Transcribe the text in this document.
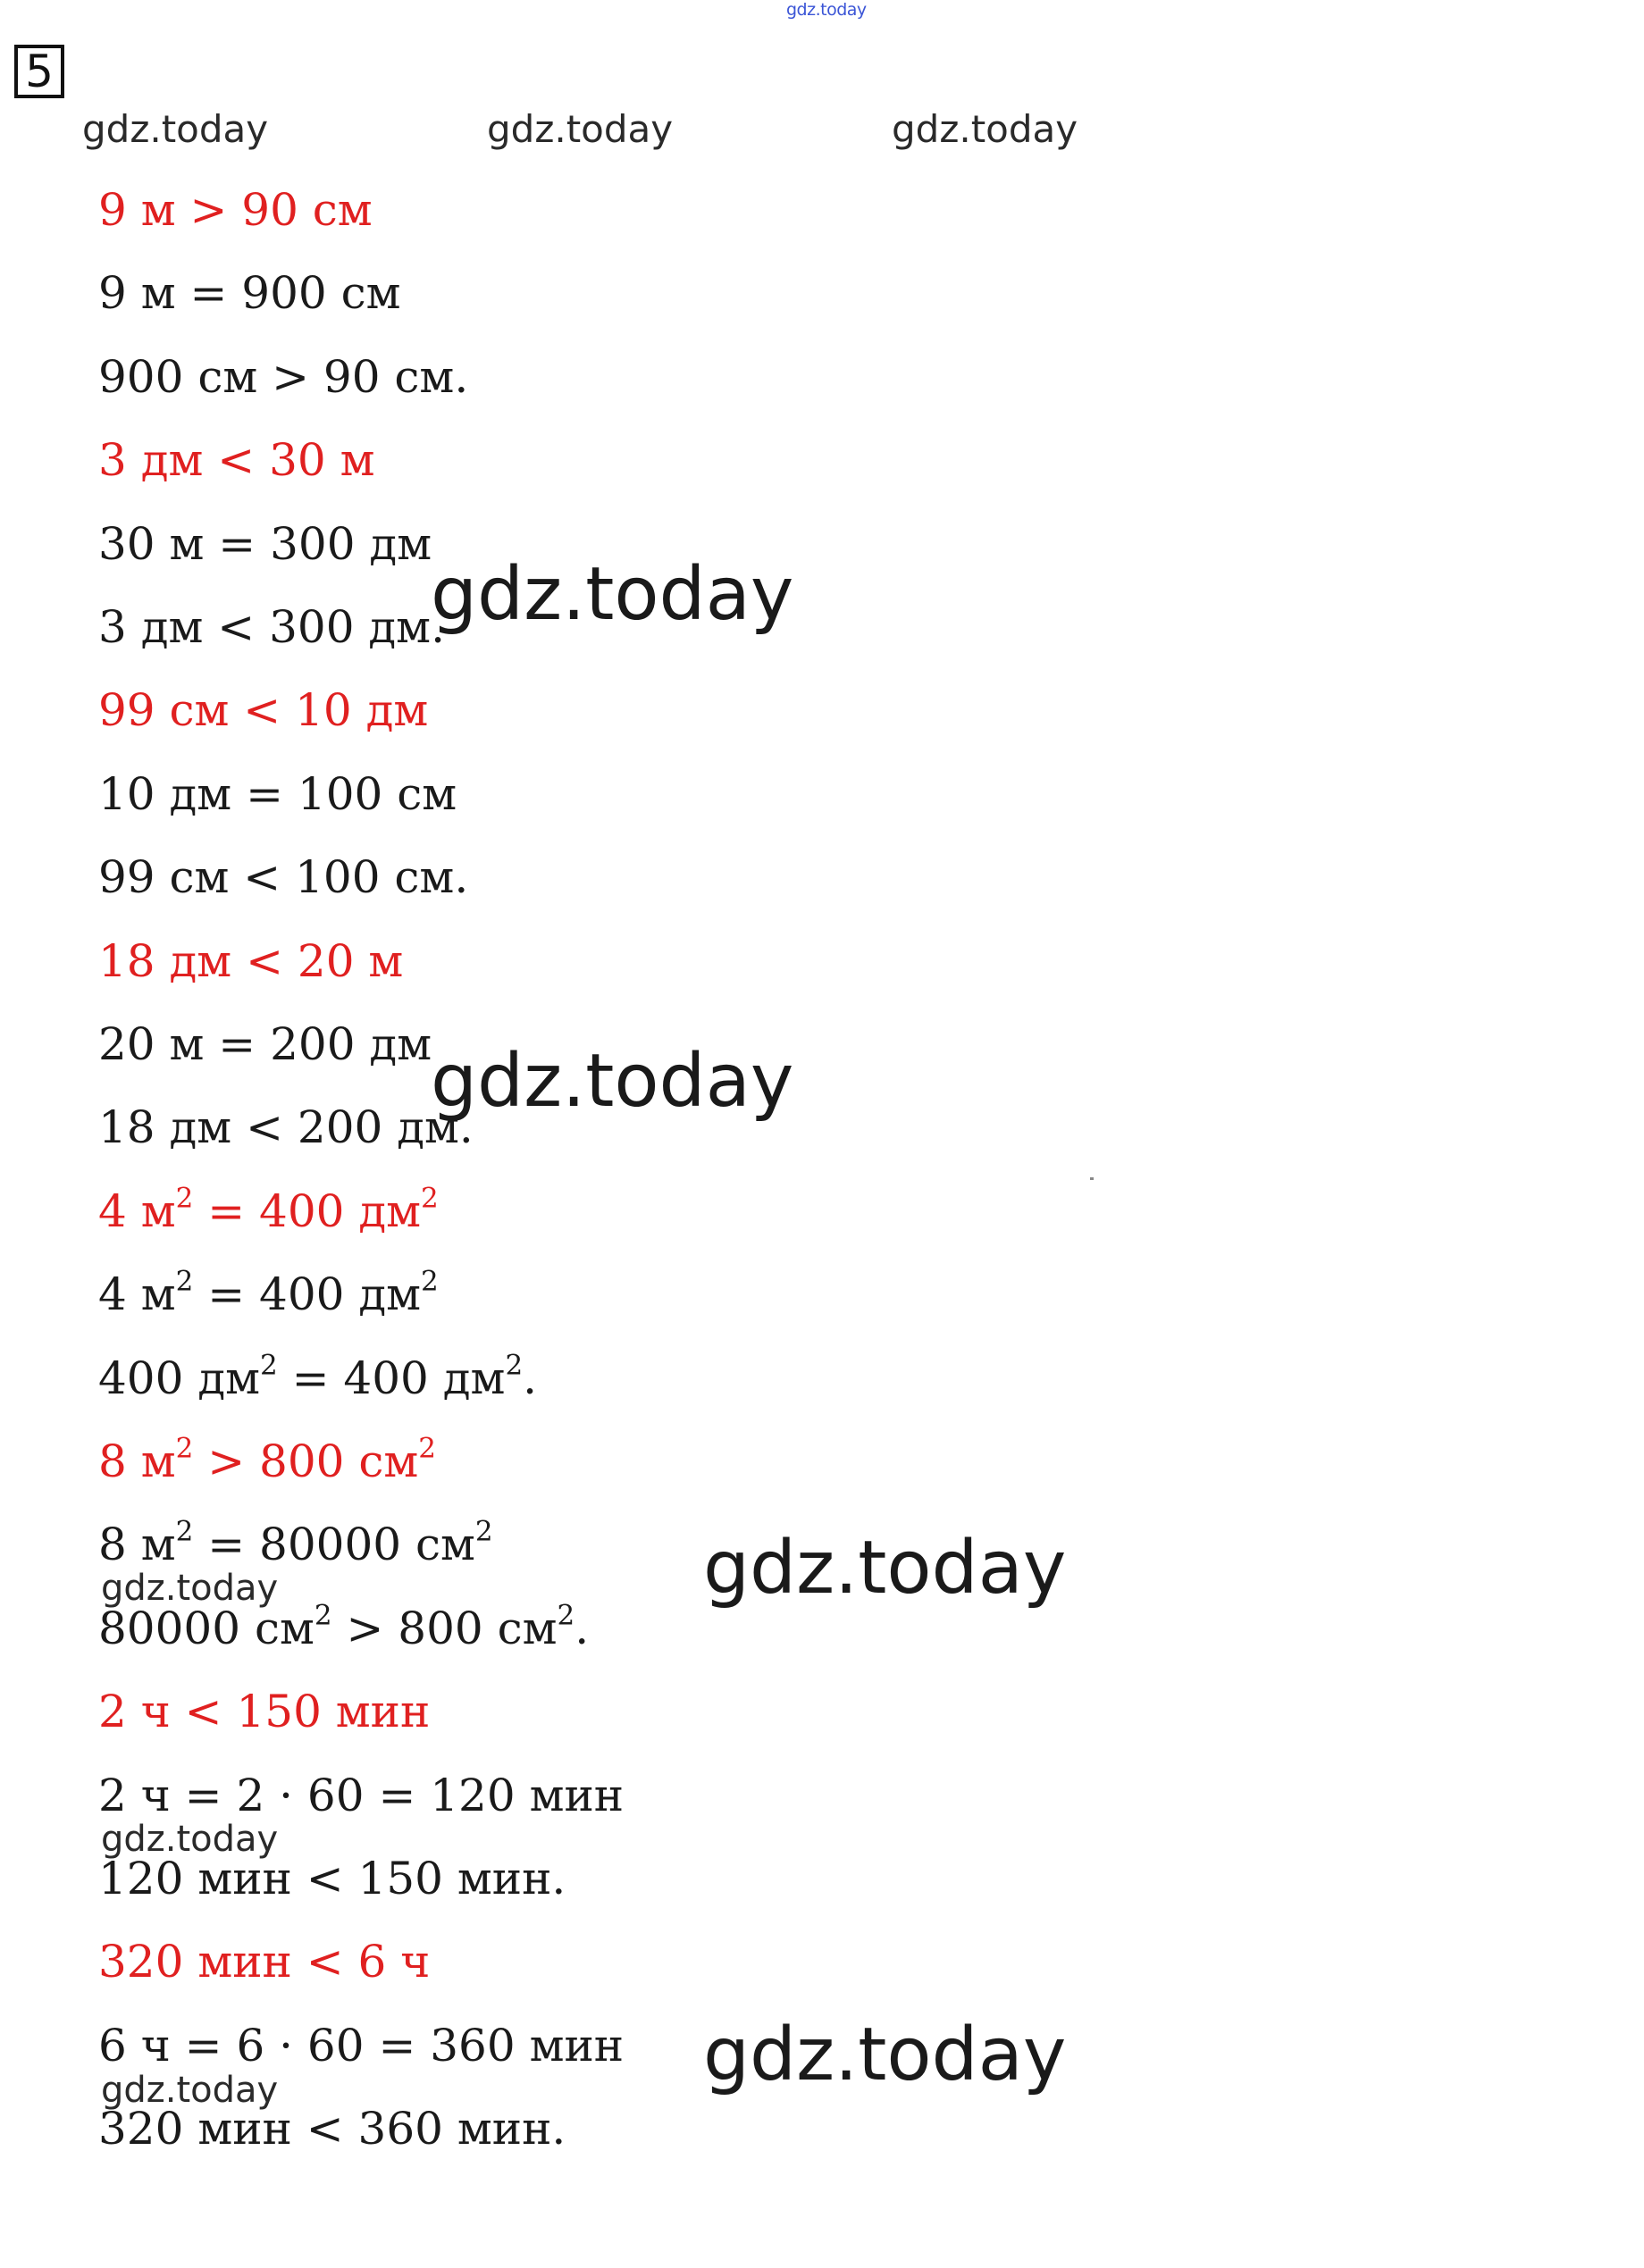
gdz.today
5
gdz.today	gdz.today	gdz.today
9 м > 90 см
9 м = 900 см
900 см > 90 см.
3 дм < 30 м
30 м = 300 дм
3 дм < 300 дм.
99 см < 10 дм
10 дм = 100 см
99 см < 100 см.
18 дм < 20 м
20 м = 200 дм
18 дм < 200 дм.
4 $м^2 = 400$ $дм^2$
4 $м^2 = 400$ $дм^2$
400 $дм^2 = 400$ $дм^2$.
8 $м^2 > 800$ $см^2$
8 $м^2 = 80000$ $см^2$
80000 $см^2 > 800$ $см^2$.
2 ч < 150 мин
2 ч = 2 · 60 = 120 мин
120 мин < 150 мин.
320 мин < 6 ч
6 ч = 6 · 60 = 360 мин
320 мин < 360 мин.
gdz.today
gdz.today
gdz.today
gdz.today
gdz.today
gdz.today
gdz.today
